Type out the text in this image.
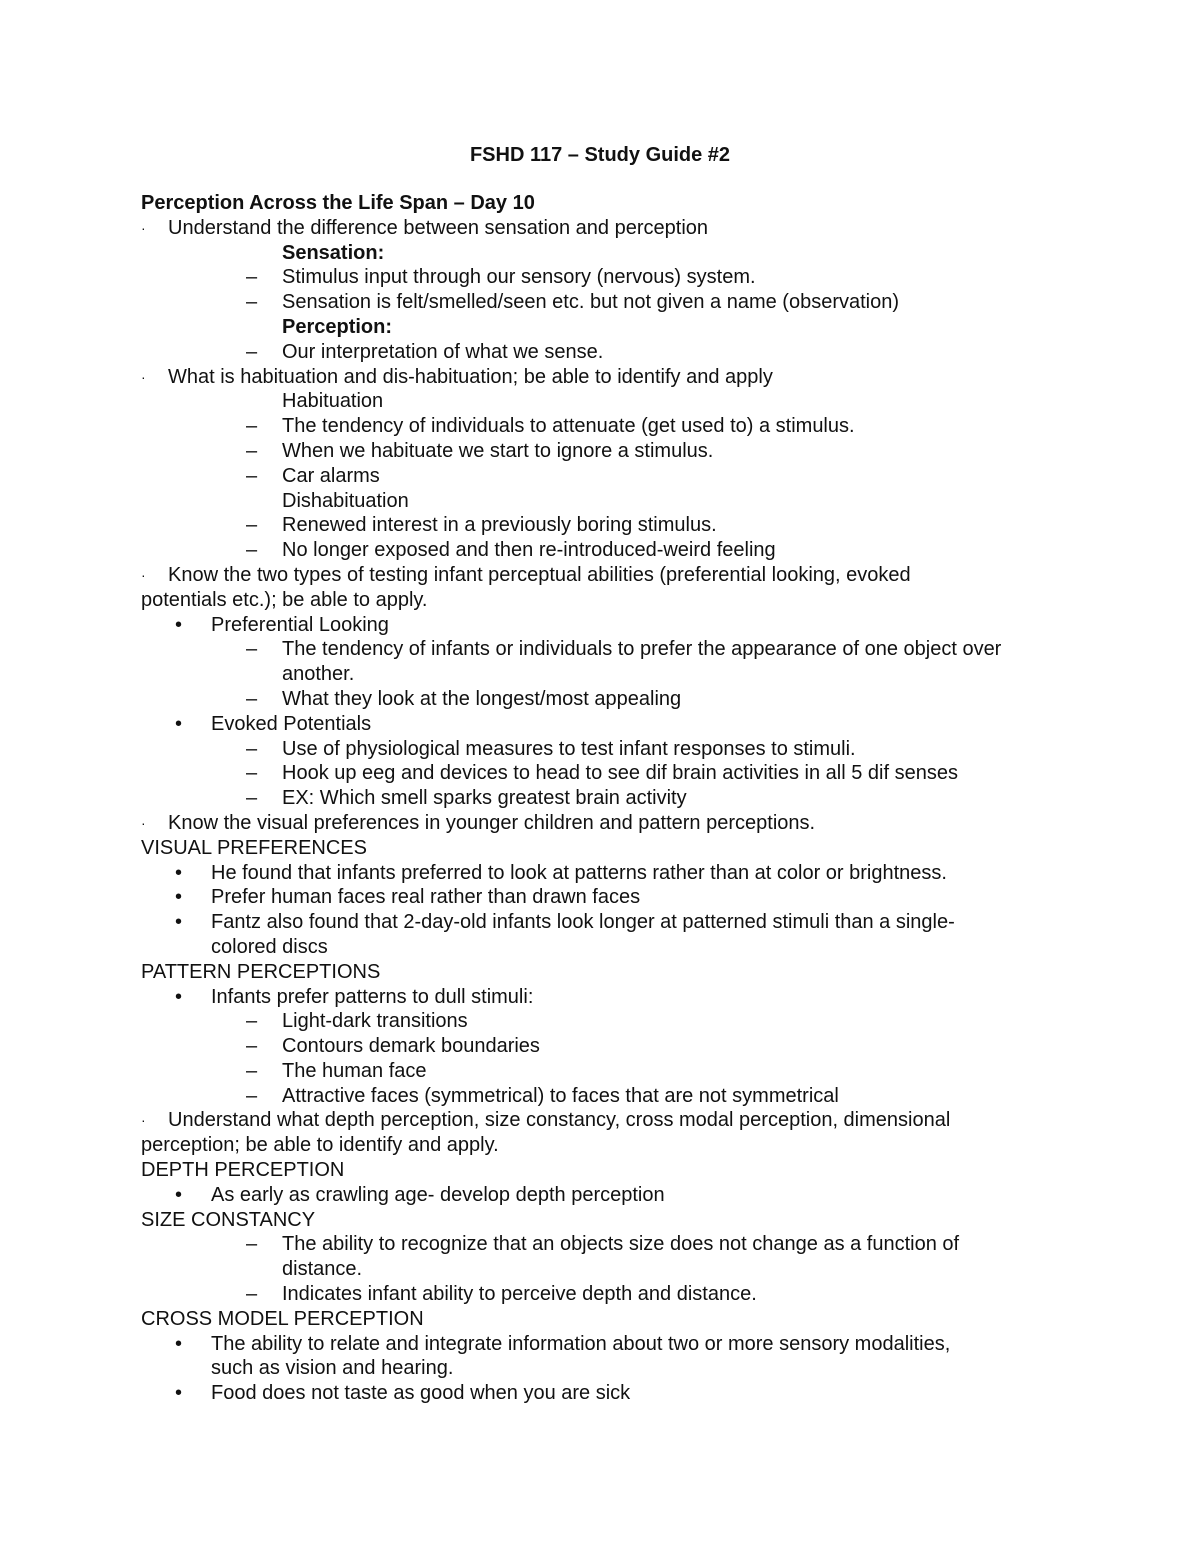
FSHD 117 – Study Guide #2
Perception Across the Life Span – Day 10
· Understand the difference between sensation and perception
Sensation:
– Stimulus input through our sensory (nervous) system.
– Sensation is felt/smelled/seen etc. but not given a name (observation)
Perception:
– Our interpretation of what we sense.
· What is habituation and dis-habituation; be able to identify and apply
Habituation
– The tendency of individuals to attenuate (get used to) a stimulus.
– When we habituate we start to ignore a stimulus.
– Car alarms
Dishabituation
– Renewed interest in a previously boring stimulus.
– No longer exposed and then re-introduced-weird feeling
· Know the two types of testing infant perceptual abilities (preferential looking, evoked
potentials etc.); be able to apply.
• Preferential Looking
– The tendency of infants or individuals to prefer the appearance of one object over
another.
– What they look at the longest/most appealing
• Evoked Potentials
– Use of physiological measures to test infant responses to stimuli.
– Hook up eeg and devices to head to see dif brain activities in all 5 dif senses
– EX: Which smell sparks greatest brain activity
· Know the visual preferences in younger children and pattern perceptions.
VISUAL PREFERENCES
• He found that infants preferred to look at patterns rather than at color or brightness.
• Prefer human faces real rather than drawn faces
• Fantz also found that 2-day-old infants look longer at patterned stimuli than a single-
colored discs
PATTERN PERCEPTIONS
• Infants prefer patterns to dull stimuli:
– Light-dark transitions
– Contours demark boundaries
– The human face
– Attractive faces (symmetrical) to faces that are not symmetrical
· Understand what depth perception, size constancy, cross modal perception, dimensional
perception; be able to identify and apply.
DEPTH PERCEPTION
• As early as crawling age- develop depth perception
SIZE CONSTANCY
– The ability to recognize that an objects size does not change as a function of
distance.
– Indicates infant ability to perceive depth and distance.
CROSS MODEL PERCEPTION
• The ability to relate and integrate information about two or more sensory modalities,
such as vision and hearing.
• Food does not taste as good when you are sick
